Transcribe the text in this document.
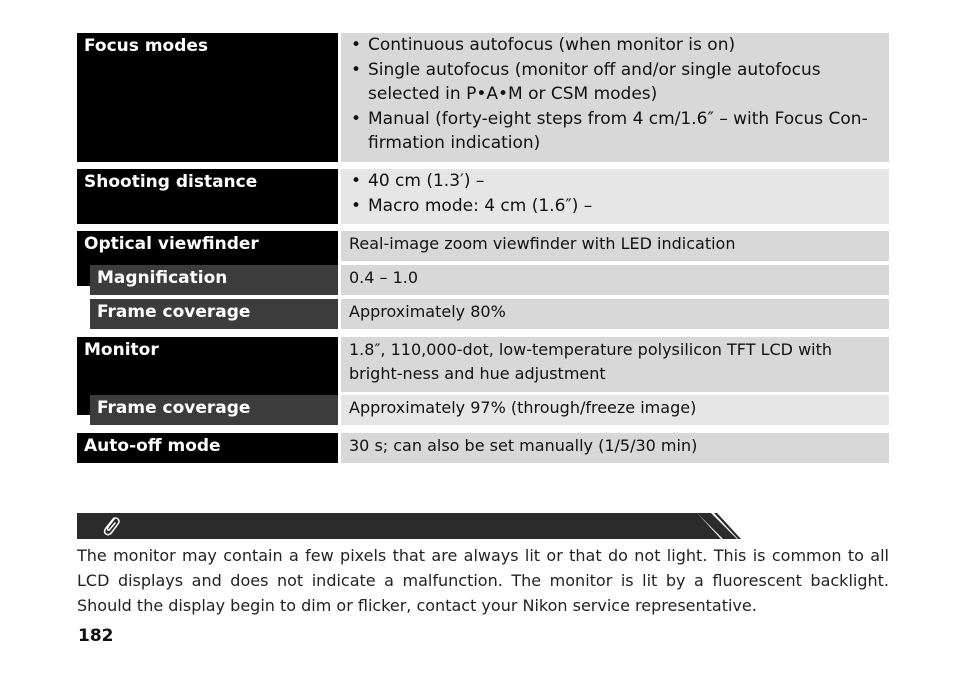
Focus modes	• Continuous autofocus (when monitor is on)
• Single autofocus (monitor off and/or single autofocus selected in P•A•M or CSM modes)
• Manual (forty-eight steps from 4 cm/1.6″ – with Focus Con-firmation indication)
Shooting distance	• 40 cm (1.3′) –
• Macro mode: 4 cm (1.6″) –
Optical viewfinder	Real-image zoom viewfinder with LED indication
Magnification	0.4 – 1.0
Frame coverage	Approximately 80%
Monitor	1.8″, 110,000-dot, low-temperature polysilicon TFT LCD with bright-ness and hue adjustment
Frame coverage	Approximately 97% (through/freeze image)
Auto-off mode	30 s; can also be set manually (1/5/30 min)
The monitor may contain a few pixels that are always lit or that do not light. This is common to all LCD displays and does not indicate a malfunction. The monitor is lit by a fluorescent backlight. Should the display begin to dim or flicker, contact your Nikon service representative.
182
